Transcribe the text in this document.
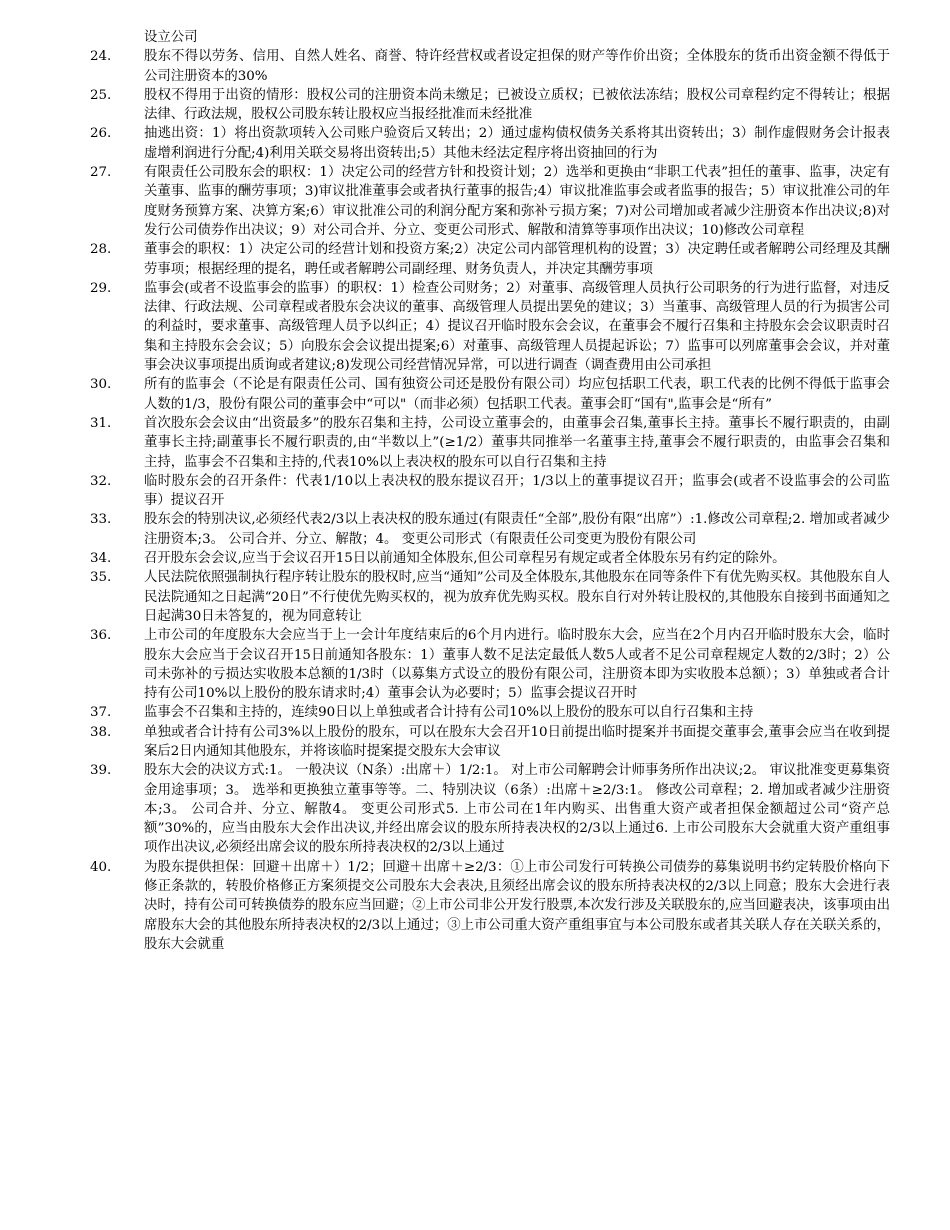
设立公司
24.	股东不得以劳务、信用、自然人姓名、商誉、特许经营权或者设定担保的财产等作价出资；全体股东的货币出资金额不得低于公司注册资本的30%
25.	股权不得用于出资的情形：股权公司的注册资本尚未缴足；已被设立质权；已被依法冻结；股权公司章程约定不得转让；根据法律、行政法规，股权公司股东转让股权应当报经批准而未经批准
26.	抽逃出资：1）将出资款项转入公司账户验资后又转出；2）通过虚构债权债务关系将其出资转出；3）制作虚假财务会计报表虚增利润进行分配;4)利用关联交易将出资转出;5）其他未经法定程序将出资抽回的行为
27.	有限责任公司股东会的职权：1）决定公司的经营方针和投资计划；2）选举和更换由“非职工代表”担任的董事、监事，决定有关董事、监事的酬劳事项；3)审议批准董事会或者执行董事的报告;4）审议批准监事会或者监事的报告；5）审议批准公司的年度财务预算方案、决算方案;6）审议批准公司的利润分配方案和弥补亏损方案；7)对公司增加或者减少注册资本作出决议;8)对发行公司债券作出决议；9）对公司合并、分立、变更公司形式、解散和清算等事项作出决议；10)修改公司章程
28.	董事会的职权：1）决定公司的经营计划和投资方案;2）决定公司内部管理机构的设置；3）决定聘任或者解聘公司经理及其酬劳事项；根据经理的提名，聘任或者解聘公司副经理、财务负责人，并决定其酬劳事项
29.	监事会(或者不设监事会的监事）的职权：1）检查公司财务；2）对董事、高级管理人员执行公司职务的行为进行监督，对违反法律、行政法规、公司章程或者股东会决议的董事、高级管理人员提出罢免的建议；3）当董事、高级管理人员的行为损害公司的利益时，要求董事、高级管理人员予以纠正；4）提议召开临时股东会会议，在董事会不履行召集和主持股东会会议职责时召集和主持股东会会议；5）向股东会会议提出提案;6）对董事、高级管理人员提起诉讼；7）监事可以列席董事会会议，并对董事会决议事项提出质询或者建议;8)发现公司经营情况异常，可以进行调查（调查费用由公司承担
30.	所有的监事会（不论是有限责任公司、国有独资公司还是股份有限公司）均应包括职工代表，职工代表的比例不得低于监事会人数的1/3，股份有限公司的董事会中“可以"（而非必须）包括职工代表。董事会盯“国有",监事会是“所有”
31.	首次股东会会议由“出资最多”的股东召集和主持，公司设立董事会的，由董事会召集,董事长主持。董事长不履行职责的，由副董事长主持;副董事长不履行职责的,由“半数以上”(≥1/2）董事共同推举一名董事主持,董事会不履行职责的，由监事会召集和主持，监事会不召集和主持的,代表10%以上表决权的股东可以自行召集和主持
32.	临时股东会的召开条件：代表1/10以上表决权的股东提议召开；1/3以上的董事提议召开；监事会(或者不设监事会的公司监事）提议召开
33.	股东会的特别决议,必须经代表2/3以上表决权的股东通过(有限责任“全部”,股份有限“出席”）:1.修改公司章程;2. 增加或者减少注册资本;3。 公司合并、分立、解散；4。 变更公司形式（有限责任公司变更为股份有限公司
34.	召开股东会会议,应当于会议召开15日以前通知全体股东,但公司章程另有规定或者全体股东另有约定的除外。
35.	人民法院依照强制执行程序转让股东的股权时,应当“通知”公司及全体股东,其他股东在同等条件下有优先购买权。其他股东自人民法院通知之日起满“20日”不行使优先购买权的，视为放弃优先购买权。股东自行对外转让股权的,其他股东自接到书面通知之日起满30日未答复的，视为同意转让
36.	上市公司的年度股东大会应当于上一会计年度结束后的6个月内进行。临时股东大会，应当在2个月内召开临时股东大会，临时股东大会应当于会议召开15日前通知各股东：1）董事人数不足法定最低人数5人或者不足公司章程规定人数的2/3时；2）公司未弥补的亏损达实收股本总额的1/3时（以募集方式设立的股份有限公司，注册资本即为实收股本总额）；3）单独或者合计持有公司10%以上股份的股东请求时;4）董事会认为必要时；5）监事会提议召开时
37.	监事会不召集和主持的，连续90日以上单独或者合计持有公司10%以上股份的股东可以自行召集和主持
38.	单独或者合计持有公司3%以上股份的股东，可以在股东大会召开10日前提出临时提案并书面提交董事会,董事会应当在收到提案后2日内通知其他股东，并将该临时提案提交股东大会审议
39.	股东大会的决议方式:1。 一般决议（N条）:出席＋）1/2:1。 对上市公司解聘会计师事务所作出决议;2。 审议批准变更募集资金用途事项；3。 选举和更换独立董事等等。二、特别决议（6条）:出席＋≥2/3:1。 修改公司章程；2. 增加或者减少注册资本;3。 公司合并、分立、解散4。 变更公司形式5. 上市公司在1年内购买、出售重大资产或者担保金额超过公司“资产总额”30%的，应当由股东大会作出决议,并经出席会议的股东所持表决权的2/3以上通过6. 上市公司股东大会就重大资产重组事项作出决议,必须经出席会议的股东所持表决权的2/3以上通过
40.	为股东提供担保：回避＋出席＋）1/2；回避＋出席＋≥2/3：①上市公司发行可转换公司债券的募集说明书约定转股价格向下修正条款的，转股价格修正方案须提交公司股东大会表决,且须经出席会议的股东所持表决权的2/3以上同意；股东大会进行表决时，持有公司可转换债券的股东应当回避；②上市公司非公开发行股票,本次发行涉及关联股东的,应当回避表决，该事项由出席股东大会的其他股东所持表决权的2/3以上通过；③上市公司重大资产重组事宜与本公司股东或者其关联人存在关联关系的，股东大会就重
